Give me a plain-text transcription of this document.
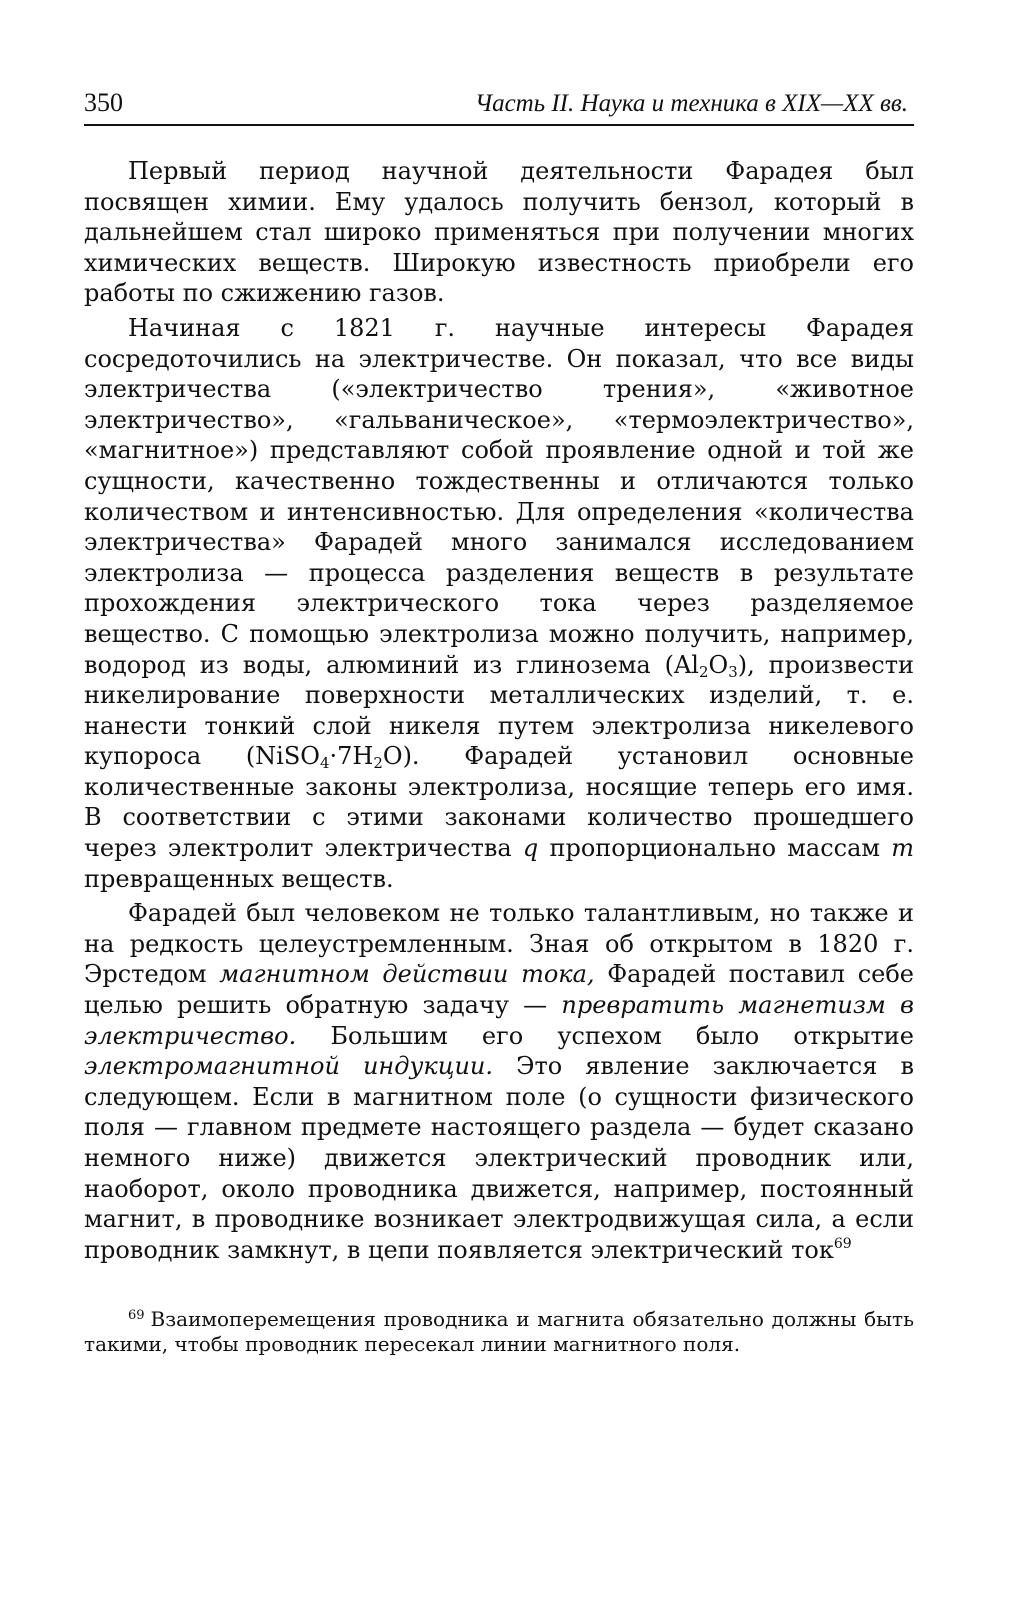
350	Часть II. Наука и техника в XIX—XX вв.

Первый период научной деятельности Фарадея был посвящен химии. Ему удалось получить бензол, который в дальнейшем стал широко применяться при получении многих химических веществ. Широкую известность приобрели его работы по сжижению газов.

Начиная с 1821 г. научные интересы Фарадея сосредоточились на электричестве. Он показал, что все виды электричества («электричество трения», «животное электричество», «гальваническое», «термоэлектричество», «магнитное») представляют собой проявление одной и той же сущности, качественно тождественны и отличаются только количеством и интенсивностью. Для определения «количества электричества» Фарадей много занимался исследованием электролиза — процесса разделения веществ в результате прохождения электрического тока через разделяемое вещество. С помощью электролиза можно получить, например, водород из воды, алюминий из глинозема $(Al_2O_3)$, произвести никелирование поверхности металлических изделий, т. е. нанести тонкий слой никеля путем электролиза никелевого купороса $(NiSO_4\cdot 7H_2O)$. Фарадей установил основные количественные законы электролиза, носящие теперь его имя. В соответствии с этими законами количество прошедшего через электролит электричества q пропорционально массам m превращенных веществ.

Фарадей был человеком не только талантливым, но также и на редкость целеустремленным. Зная об открытом в 1820 г. Эрстедом магнитном действии тока, Фарадей поставил себе целью решить обратную задачу — превратить магнетизм в электричество. Большим его успехом было открытие электромагнитной индукции. Это явление заключается в следующем. Если в магнитном поле (о сущности физического поля — главном предмете настоящего раздела — будет сказано немного ниже) движется электрический проводник или, наоборот, около проводника движется, например, постоянный магнит, в проводнике возникает электродвижущая сила, а если проводник замкнут, в цепи появляется электрический ток$^{69}$

$^{69}$ Взаимоперемещения проводника и магнита обязательно должны быть такими, чтобы проводник пересекал линии магнитного поля.
